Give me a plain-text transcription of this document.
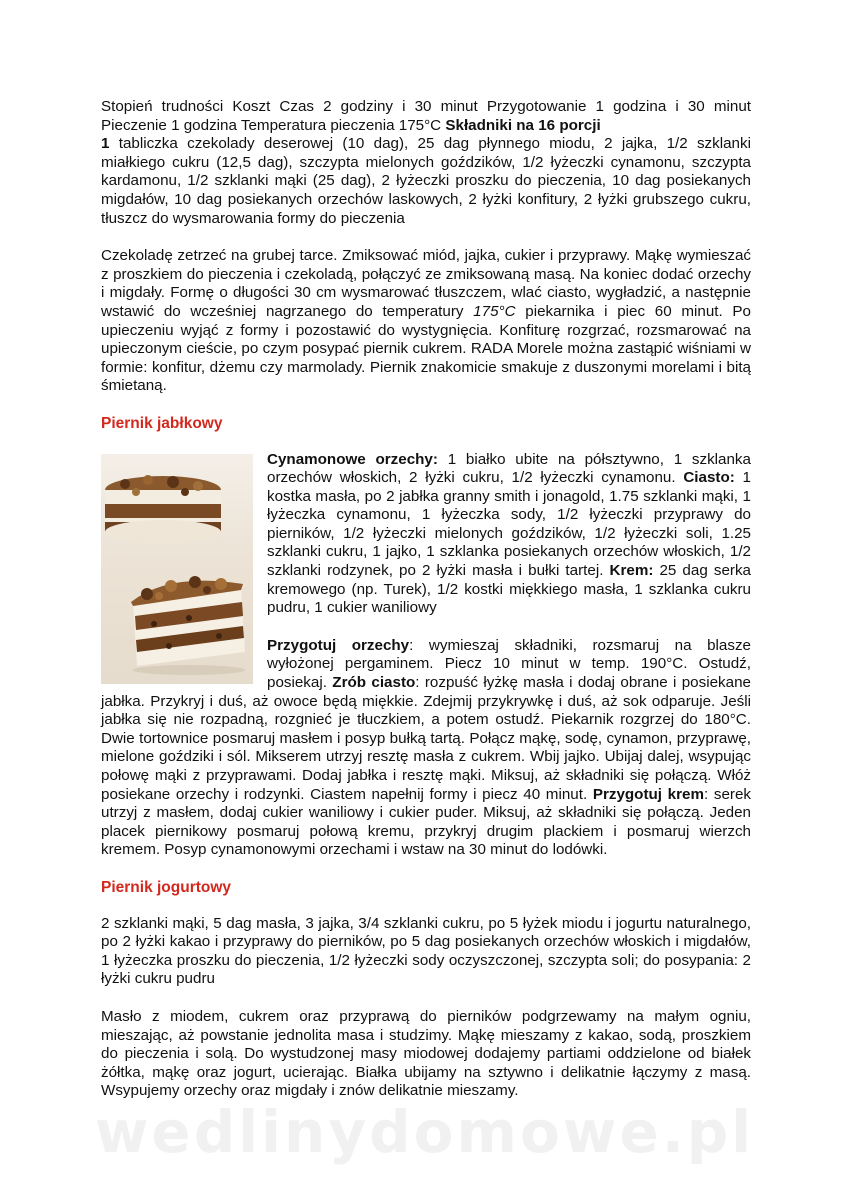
Stopień trudności Koszt Czas 2 godziny i 30 minut Przygotowanie 1 godzina i 30 minut Pieczenie 1 godzina Temperatura pieczenia 175°C Składniki na 16 porcji
1 tabliczka czekolady deserowej (10 dag), 25 dag płynnego miodu, 2 jajka, 1/2 szklanki miałkiego cukru (12,5 dag), szczypta mielonych goździków, 1/2 łyżeczki cynamonu, szczypta kardamonu, 1/2 szklanki mąki (25 dag), 2 łyżeczki proszku do pieczenia, 10 dag posiekanych migdałów, 10 dag posiekanych orzechów laskowych, 2 łyżki konfitury, 2 łyżki grubszego cukru, tłuszcz do wysmarowania formy do pieczenia

Czekoladę zetrzeć na grubej tarce. Zmiksować miód, jajka, cukier i przyprawy. Mąkę wymieszać z proszkiem do pieczenia i czekoladą, połączyć ze zmiksowaną masą. Na koniec dodać orzechy i migdały. Formę o długości 30 cm wysmarować tłuszczem, wlać ciasto, wygładzić, a następnie wstawić do wcześniej nagrzanego do temperatury 175°C piekarnika i piec 60 minut. Po upieczeniu wyjąć z formy i pozostawić do wystygnięcia. Konfiturę rozgrzać, rozsmarować na upieczonym cieście, po czym posypać piernik cukrem. RADA Morele można zastąpić wiśniami w formie: konfitur, dżemu czy marmolady. Piernik znakomicie smakuje z duszonymi morelami i bitą śmietaną.

Piernik jabłkowy

Cynamonowe orzechy: 1 białko ubite na półsztywno, 1 szklanka orzechów włoskich, 2 łyżki cukru, 1/2 łyżeczki cynamonu. Ciasto: 1 kostka masła, po 2 jabłka granny smith i jonagold, 1.75 szklanki mąki, 1 łyżeczka cynamonu, 1 łyżeczka sody, 1/2 łyżeczki przyprawy do pierników, 1/2 łyżeczki mielonych goździków, 1/2 łyżeczki soli, 1.25 szklanki cukru, 1 jajko, 1 szklanka posiekanych orzechów włoskich, 1/2 szklanki rodzynek, po 2 łyżki masła i bułki tartej. Krem: 25 dag serka kremowego (np. Turek), 1/2 kostki miękkiego masła, 1 szklanka cukru pudru, 1 cukier waniliowy

Przygotuj orzechy: wymieszaj składniki, rozsmaruj na blasze wyłożonej pergaminem. Piecz 10 minut w temp. 190°C. Ostudź, posiekaj. Zrób ciasto: rozpuść łyżkę masła i dodaj obrane i posiekane jabłka. Przykryj i duś, aż owoce będą miękkie. Zdejmij przykrywkę i duś, aż sok odparuje. Jeśli jabłka się nie rozpadną, rozgnieć je tłuczkiem, a potem ostudź. Piekarnik rozgrzej do 180°C. Dwie tortownice posmaruj masłem i posyp bułką tartą. Połącz mąkę, sodę, cynamon, przyprawę, mielone goździki i sól. Mikserem utrzyj resztę masła z cukrem. Wbij jajko. Ubijaj dalej, wsypując połowę mąki z przyprawami. Dodaj jabłka i resztę mąki. Miksuj, aż składniki się połączą. Włóż posiekane orzechy i rodzynki. Ciastem napełnij formy i piecz 40 minut. Przygotuj krem: serek utrzyj z masłem, dodaj cukier waniliowy i cukier puder. Miksuj, aż składniki się połączą. Jeden placek piernikowy posmaruj połową kremu, przykryj drugim plackiem i posmaruj wierzch kremem. Posyp cynamonowymi orzechami i wstaw na 30 minut do lodówki.

Piernik jogurtowy

2 szklanki mąki, 5 dag masła, 3 jajka, 3/4 szklanki cukru, po 5 łyżek miodu i jogurtu naturalnego, po 2 łyżki kakao i przyprawy do pierników, po 5 dag posiekanych orzechów włoskich i migdałów, 1 łyżeczka proszku do pieczenia, 1/2 łyżeczki sody oczyszczonej, szczypta soli; do posypania: 2 łyżki cukru pudru

Masło z miodem, cukrem oraz przyprawą do pierników podgrzewamy na małym ogniu, mieszając, aż powstanie jednolita masa i studzimy. Mąkę mieszamy z kakao, sodą, proszkiem do pieczenia i solą. Do wystudzonej masy miodowej dodajemy partiami oddzielone od białek żółtka, mąkę oraz jogurt, ucierając. Białka ubijamy na sztywno i delikatnie łączymy z masą. Wsypujemy orzechy oraz migdały i znów delikatnie mieszamy.

wedlinydomowe.pl
